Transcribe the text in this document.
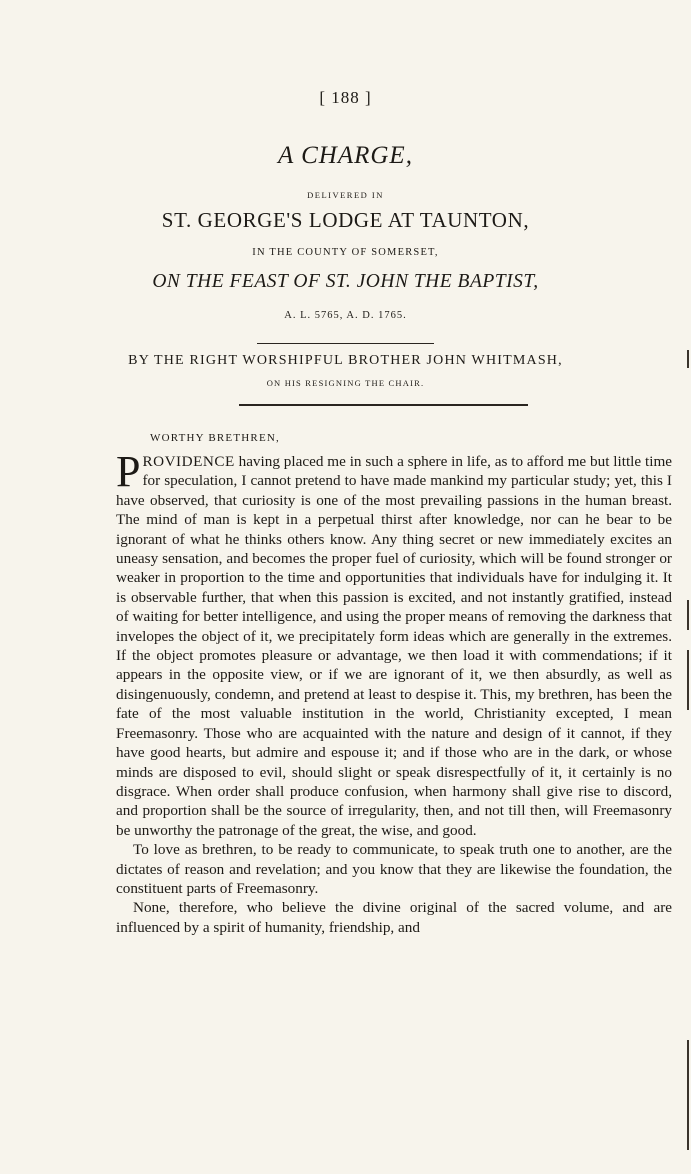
[ 188 ]
A CHARGE,
DELIVERED IN
ST. GEORGE'S LODGE AT TAUNTON,
IN THE COUNTY OF SOMERSET,
ON THE FEAST OF ST. JOHN THE BAPTIST,
A. L. 5765, A. D. 1765.
BY THE RIGHT WORSHIPFUL BROTHER JOHN WHITMASH,
ON HIS RESIGNING THE CHAIR.
WORTHY BRETHREN,

PROVIDENCE having placed me in such a sphere in life, as to afford me but little time for speculation, I cannot pretend to have made mankind my particular study; yet, this I have observed, that curiosity is one of the most prevailing passions in the human breast. The mind of man is kept in a perpetual thirst after knowledge, nor can he bear to be ignorant of what he thinks others know. Any thing secret or new immediately excites an uneasy sensation, and becomes the proper fuel of curiosity, which will be found stronger or weaker in proportion to the time and opportunities that individuals have for indulging it. It is observable further, that when this passion is excited, and not instantly gratified, instead of waiting for better intelligence, and using the proper means of removing the darkness that invelopes the object of it, we precipitately form ideas which are generally in the extremes. If the object promotes pleasure or advantage, we then load it with commendations; if it appears in the opposite view, or if we are ignorant of it, we then absurdly, as well as disingenuously, condemn, and pretend at least to despise it. This, my brethren, has been the fate of the most valuable institution in the world, Christianity excepted, I mean Freemasonry. Those who are acquainted with the nature and design of it cannot, if they have good hearts, but admire and espouse it; and if those who are in the dark, or whose minds are disposed to evil, should slight or speak disrespectfully of it, it certainly is no disgrace. When order shall produce confusion, when harmony shall give rise to discord, and proportion shall be the source of irregularity, then, and not till then, will Freemasonry be unworthy the patronage of the great, the wise, and good.

To love as brethren, to be ready to communicate, to speak truth one to another, are the dictates of reason and revelation; and you know that they are likewise the foundation, the constituent parts of Freemasonry.

None, therefore, who believe the divine original of the sacred volume, and are influenced by a spirit of humanity, friendship, and
